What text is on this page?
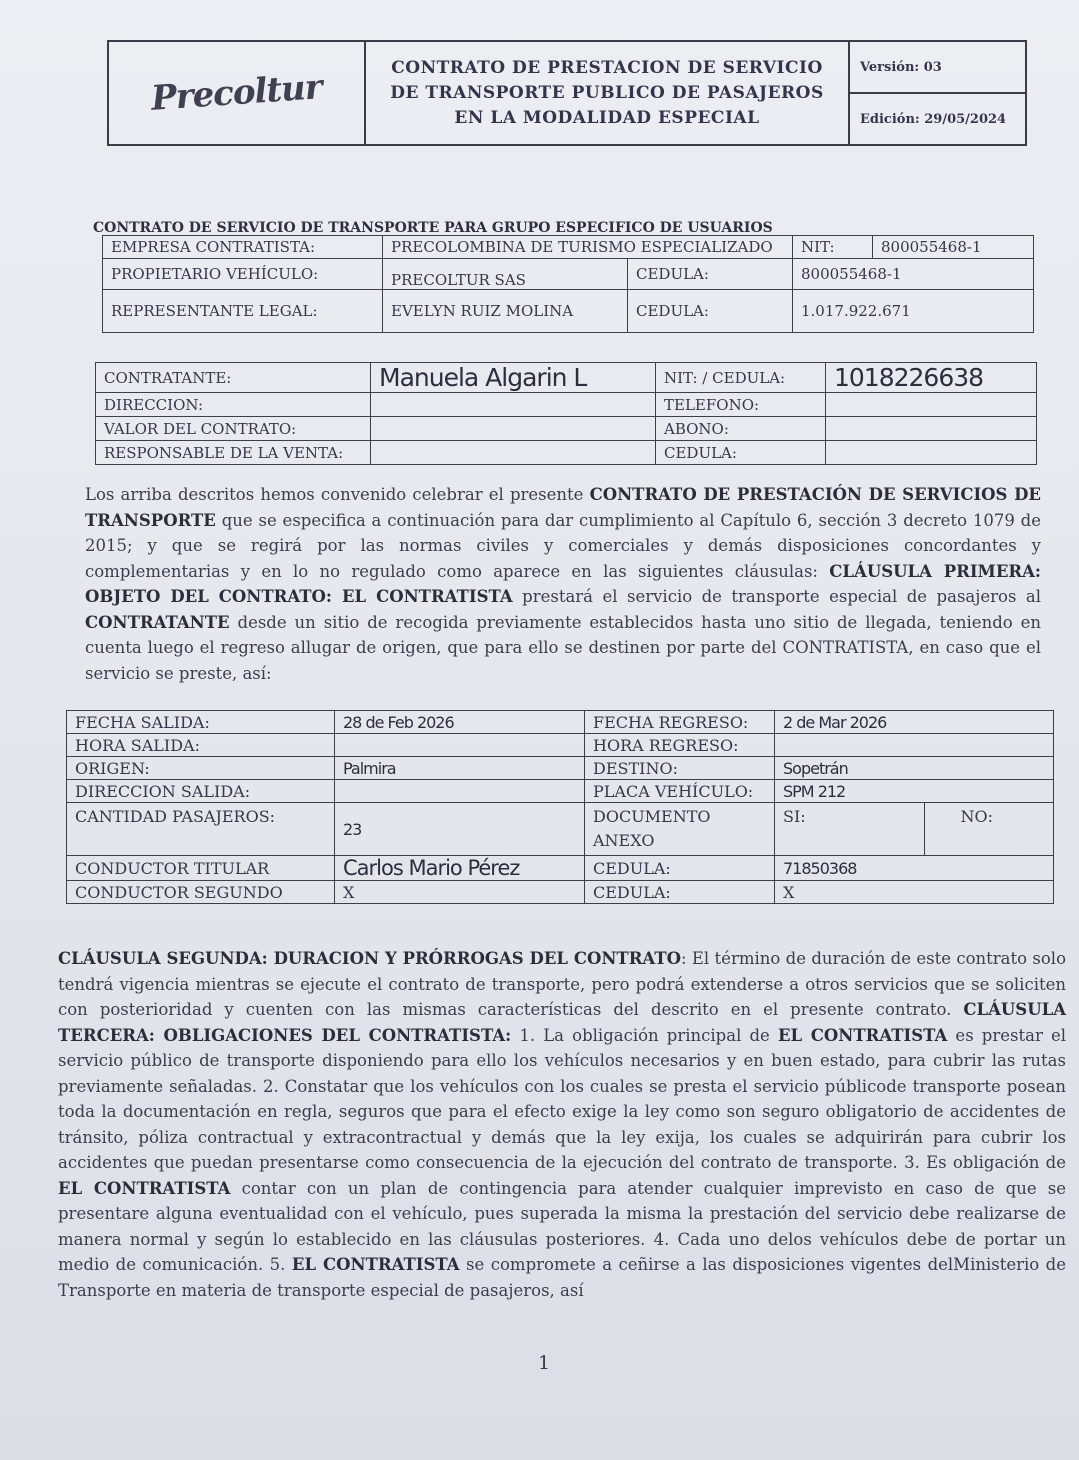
Precoltur	CONTRATO DE PRESTACION DE SERVICIO DE TRANSPORTE PUBLICO DE PASAJEROS EN LA MODALIDAD ESPECIAL
Versión: 03
Edición: 29/05/2024
CONTRATO DE SERVICIO DE TRANSPORTE PARA GRUPO ESPECIFICO DE USUARIOS
EMPRESA CONTRATISTA:	PRECOLOMBINA DE TURISMO ESPECIALIZADO		NIT:	800055468-1
PROPIETARIO VEHÍCULO:	PRECOLTUR SAS	CEDULA:	800055468-1	
REPRESENTANTE LEGAL:	EVELYN RUIZ MOLINA	CEDULA:	1.017.922.671	
CONTRATANTE:	Manuela Algarin L	NIT: / CEDULA:	1018226638
DIRECCION:		TELEFONO:	
VALOR DEL CONTRATO:		ABONO:	
RESPONSABLE DE LA VENTA:		CEDULA:	
Los arriba descritos hemos convenido celebrar el presente CONTRATO DE PRESTACIÓN DE SERVICIOS DE TRANSPORTE que se especifica a continuación para dar cumplimiento al Capítulo 6, sección 3 decreto 1079 de 2015; y que se regirá por las normas civiles y comerciales y demás disposiciones concordantes y complementarias y en lo no regulado como aparece en las siguientes cláusulas: CLÁUSULA PRIMERA: OBJETO DEL CONTRATO: EL CONTRATISTA prestará el servicio de transporte especial de pasajeros al CONTRATANTE desde un sitio de recogida previamente establecidos hasta uno sitio de llegada, teniendo en cuenta luego el regreso allugar de origen, que para ello se destinen por parte del CONTRATISTA, en caso que el servicio se preste, así:
FECHA SALIDA:	28 de Feb 2026	FECHA REGRESO:	2 de Mar 2026	
HORA SALIDA:		HORA REGRESO:		
ORIGEN:	Palmira	DESTINO:	Sopetrán	
DIRECCION SALIDA:		PLACA VEHÍCULO:	SPM 212	
CANTIDAD PASAJEROS:	23	DOCUMENTO ANEXO	SI:	NO:
CONDUCTOR TITULAR	Carlos Mario Pérez	CEDULA:	71850368	
CONDUCTOR SEGUNDO	X	CEDULA:	X	
CLÁUSULA SEGUNDA: DURACION Y PRÓRROGAS DEL CONTRATO: El término de duración de este contrato solo tendrá vigencia mientras se ejecute el contrato de transporte, pero podrá extenderse a otros servicios que se soliciten con posterioridad y cuenten con las mismas características del descrito en el presente contrato. CLÁUSULA TERCERA: OBLIGACIONES DEL CONTRATISTA: 1. La obligación principal de EL CONTRATISTA es prestar el servicio público de transporte disponiendo para ello los vehículos necesarios y en buen estado, para cubrir las rutas previamente señaladas. 2. Constatar que los vehículos con los cuales se presta el servicio públicode transporte posean toda la documentación en regla, seguros que para el efecto exige la ley como son seguro obligatorio de accidentes de tránsito, póliza contractual y extracontractual y demás que la ley exija, los cuales se adquirirán para cubrir los accidentes que puedan presentarse como consecuencia de la ejecución del contrato de transporte. 3. Es obligación de EL CONTRATISTA contar con un plan de contingencia para atender cualquier imprevisto en caso de que se presentare alguna eventualidad con el vehículo, pues superada la misma la prestación del servicio debe realizarse de manera normal y según lo establecido en las cláusulas posteriores. 4. Cada uno delos vehículos debe de portar un medio de comunicación. 5. EL CONTRATISTA se compromete a ceñirse a las disposiciones vigentes delMinisterio de Transporte en materia de transporte especial de pasajeros, así
1
